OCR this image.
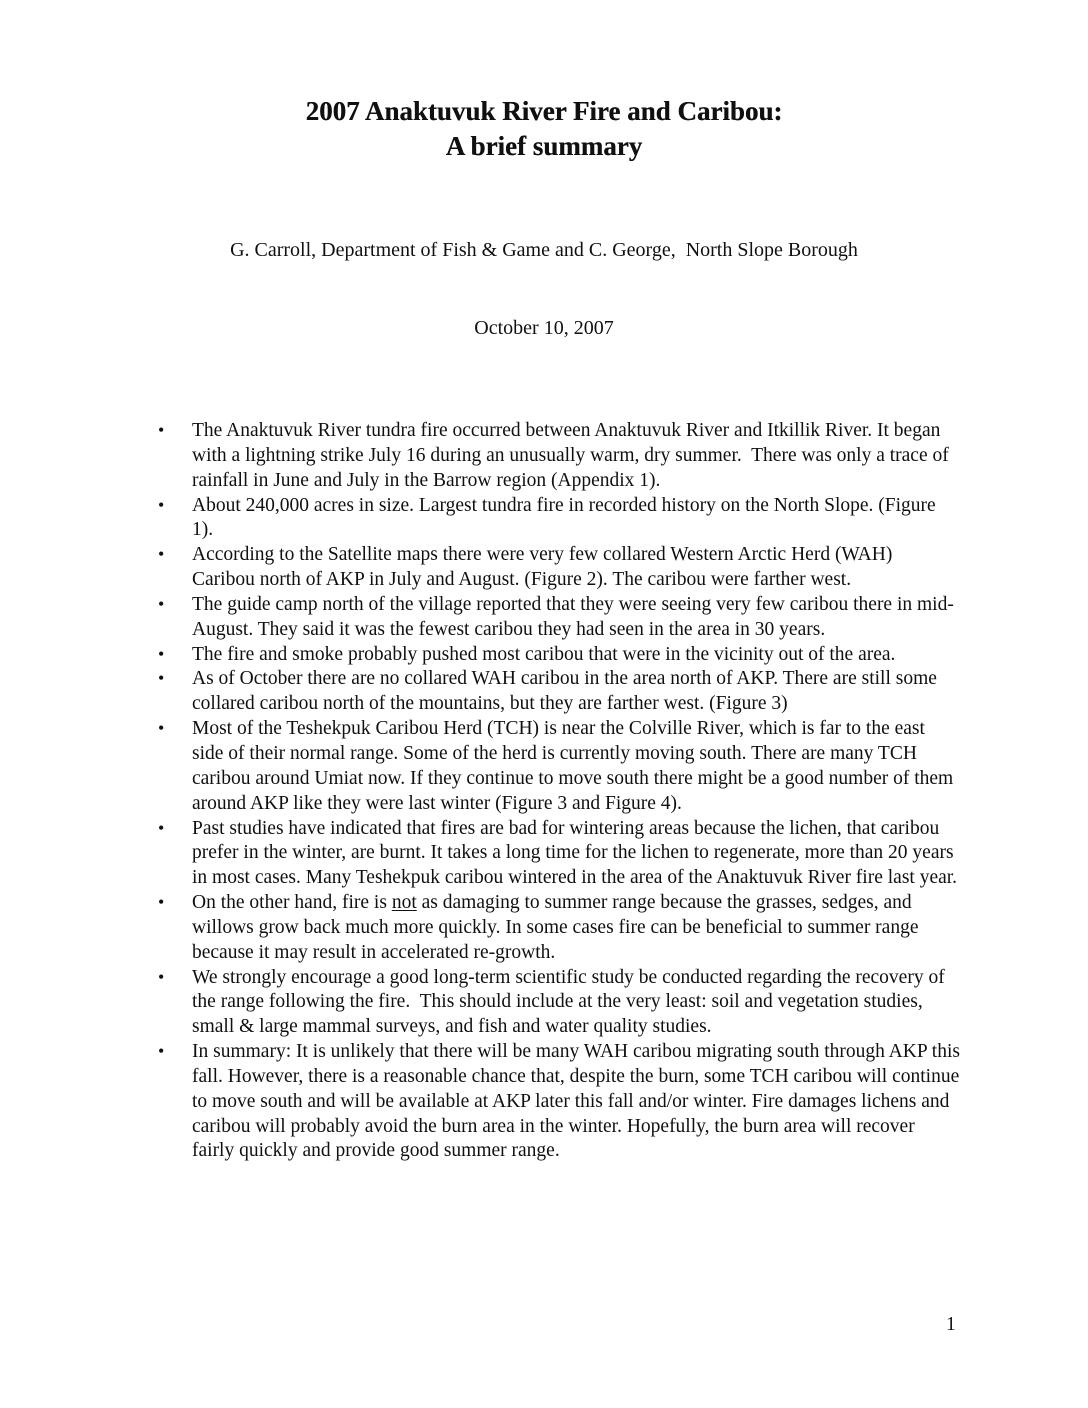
2007 Anaktuvuk River Fire and Caribou:
A brief summary

G. Carroll, Department of Fish & Game and C. George,  North Slope Borough

October 10, 2007

• The Anaktuvuk River tundra fire occurred between Anaktuvuk River and Itkillik River. It began with a lightning strike July 16 during an unusually warm, dry summer.  There was only a trace of rainfall in June and July in the Barrow region (Appendix 1).
• About 240,000 acres in size. Largest tundra fire in recorded history on the North Slope. (Figure 1).
• According to the Satellite maps there were very few collared Western Arctic Herd (WAH) Caribou north of AKP in July and August. (Figure 2). The caribou were farther west.
• The guide camp north of the village reported that they were seeing very few caribou there in mid-August. They said it was the fewest caribou they had seen in the area in 30 years.
• The fire and smoke probably pushed most caribou that were in the vicinity out of the area.
• As of October there are no collared WAH caribou in the area north of AKP. There are still some collared caribou north of the mountains, but they are farther west. (Figure 3)
• Most of the Teshekpuk Caribou Herd (TCH) is near the Colville River, which is far to the east side of their normal range. Some of the herd is currently moving south. There are many TCH caribou around Umiat now. If they continue to move south there might be a good number of them around AKP like they were last winter (Figure 3 and Figure 4).
• Past studies have indicated that fires are bad for wintering areas because the lichen, that caribou prefer in the winter, are burnt. It takes a long time for the lichen to regenerate, more than 20 years in most cases. Many Teshekpuk caribou wintered in the area of the Anaktuvuk River fire last year.
• On the other hand, fire is not as damaging to summer range because the grasses, sedges, and willows grow back much more quickly. In some cases fire can be beneficial to summer range because it may result in accelerated re-growth.
• We strongly encourage a good long-term scientific study be conducted regarding the recovery of the range following the fire.  This should include at the very least: soil and vegetation studies, small & large mammal surveys, and fish and water quality studies.
• In summary: It is unlikely that there will be many WAH caribou migrating south through AKP this fall. However, there is a reasonable chance that, despite the burn, some TCH caribou will continue to move south and will be available at AKP later this fall and/or winter. Fire damages lichens and caribou will probably avoid the burn area in the winter. Hopefully, the burn area will recover fairly quickly and provide good summer range.
1
